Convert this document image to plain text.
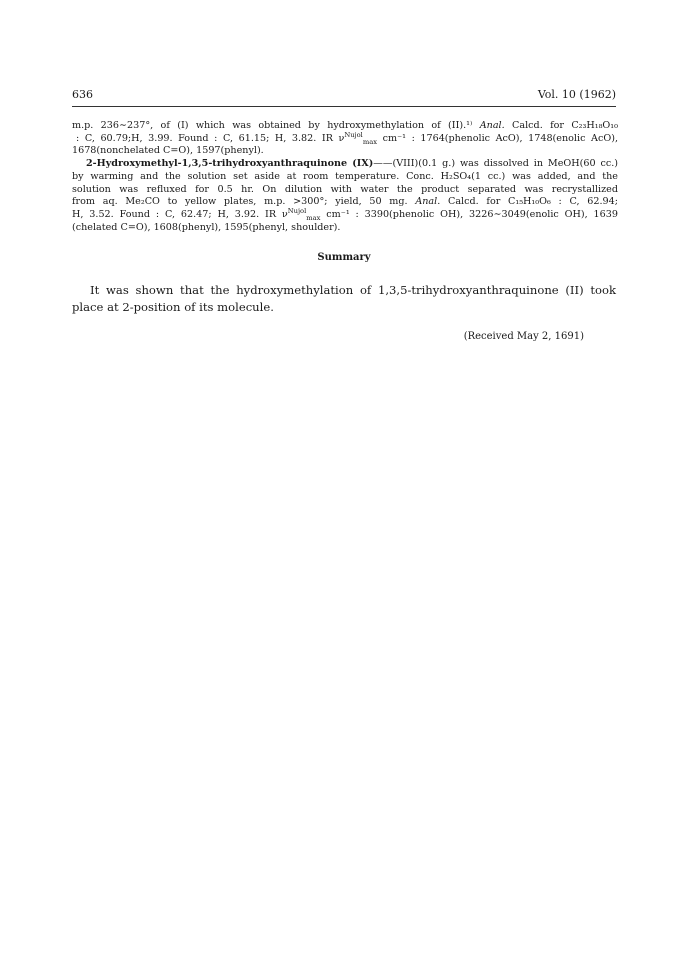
636	Vol. 10 (1962)
m.p. 236∼237°, of (I) which was obtained by hydroxymethylation of (II).¹⁾ Anal. Calcd. for C₂₃H₁₈O₁₀
: C, 60.79;H, 3.99. Found : C, 61.15; H, 3.82. IR $\nu^{Nujol}_{max}$ cm⁻¹ : 1764(phenolic AcO), 1748(enolic AcO),
1678(nonchelated C=O), 1597(phenyl).
2-Hydroxymethyl-1,3,5-trihydroxyanthraquinone (IX)——(VIII)(0.1 g.) was dissolved in MeOH(60 cc.)
by warming and the solution set aside at room temperature. Conc. H₂SO₄(1 cc.) was added, and the
solution was refluxed for 0.5 hr. On dilution with water the product separated was recrystallized
from aq. Me₂CO to yellow plates, m.p. >300°; yield, 50 mg. Anal. Calcd. for C₁₅H₁₀O₆ : C, 62.94;
H, 3.52. Found : C, 62.47; H, 3.92. IR $\nu^{Nujol}_{max}$ cm⁻¹ : 3390(phenolic OH), 3226∼3049(enolic OH), 1639
(chelated C=O), 1608(phenyl), 1595(phenyl, shoulder).
Summary
It was shown that the hydroxymethylation of 1,3,5-trihydroxyanthraquinone (II) took
place at 2-position of its molecule.
(Received May 2, 1691)
